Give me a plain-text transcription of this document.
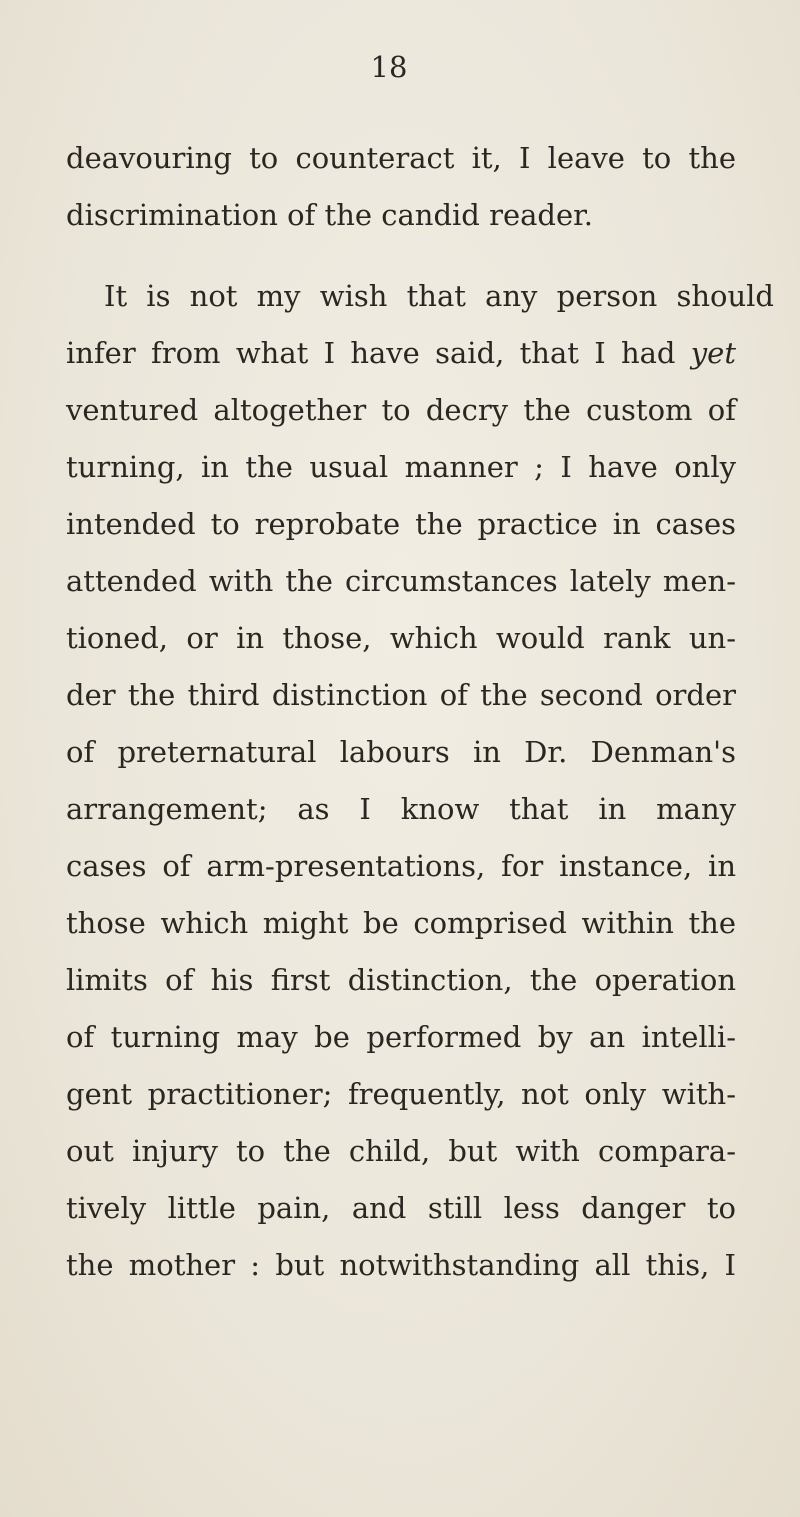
18

deavouring to counteract it, I leave to the
discrimination of the candid reader.
It is not my wish that any person should
infer from what I have said, that I had yet
ventured altogether to decry the custom of
turning, in the usual manner ; I have only
intended to reprobate the practice in cases
attended with the circumstances lately men-
tioned, or in those, which would rank un-
der the third distinction of the second order
of preternatural labours in Dr. Denman's
arrangement; as I know that in many
cases of arm-presentations, for instance, in
those which might be comprised within the
limits of his first distinction, the operation
of turning may be performed by an intelli-
gent practitioner; frequently, not only with-
out injury to the child, but with compara-
tively little pain, and still less danger to
the mother : but notwithstanding all this, I
